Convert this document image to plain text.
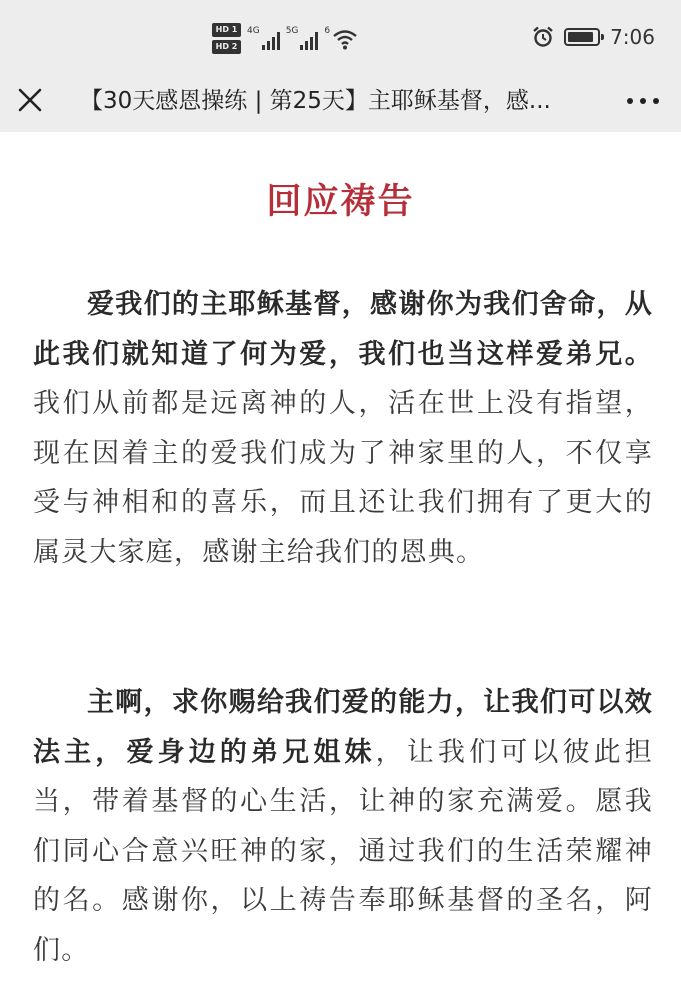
HD 1
HD 2
4G	5G	6	7:06
【30天感恩操练 | 第25天】主耶稣基督，感...
回应祷告

爱我们的主耶稣基督，感谢你为我们舍命，从此我们就知道了何为爱，我们也当这样爱弟兄。我们从前都是远离神的人，活在世上没有指望，现在因着主的爱我们成为了神家里的人，不仅享受与神相和的喜乐，而且还让我们拥有了更大的属灵大家庭，感谢主给我们的恩典。

主啊，求你赐给我们爱的能力，让我们可以效法主，爱身边的弟兄姐妹，让我们可以彼此担当，带着基督的心生活，让神的家充满爱。愿我们同心合意兴旺神的家，通过我们的生活荣耀神的名。感谢你，以上祷告奉耶稣基督的圣名，阿们。
